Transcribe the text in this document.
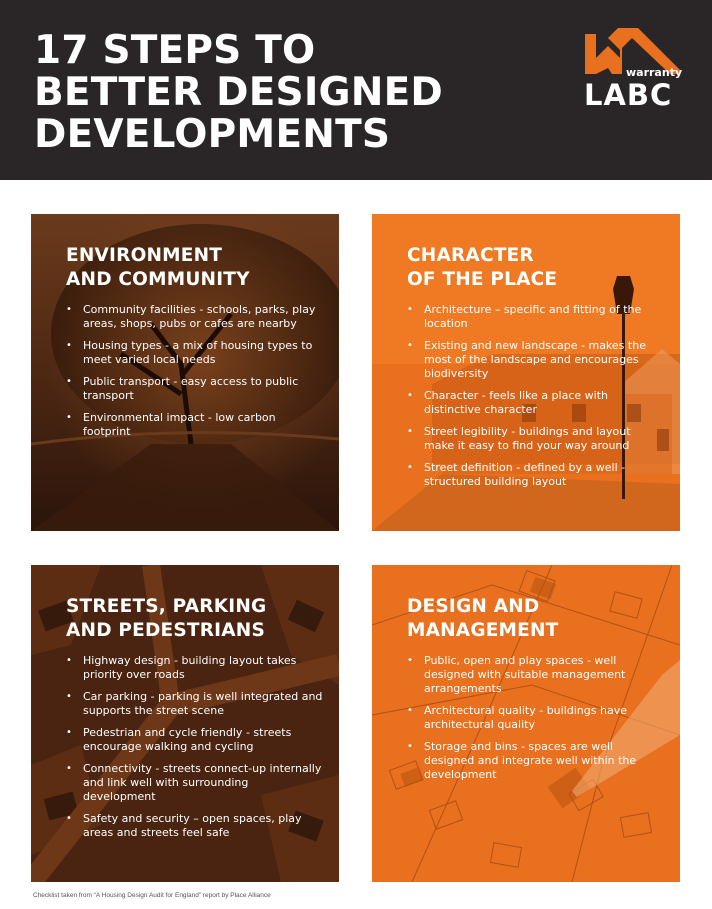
17 STEPS TO
BETTER DESIGNED
DEVELOPMENTS
warranty
LABC
ENVIRONMENT
AND COMMUNITY
• Community facilities - schools, parks, play areas, shops, pubs or cafes are nearby
• Housing types - a mix of housing types to meet varied local needs
• Public transport - easy access to public transport
• Environmental impact - low carbon footprint
CHARACTER
OF THE PLACE
• Architecture – specific and fitting of the location
• Existing and new landscape - makes the most of the landscape and encourages biodiversity
• Character - feels like a place with distinctive character
• Street legibility - buildings and layout make it easy to find your way around
• Street definition - defined by a well - structured building layout
STREETS, PARKING
AND PEDESTRIANS
• Highway design - building layout takes priority over roads
• Car parking - parking is well integrated and supports the street scene
• Pedestrian and cycle friendly - streets encourage walking and cycling
• Connectivity - streets connect-up internally and link well with surrounding development
• Safety and security – open spaces, play areas and streets feel safe
DESIGN AND
MANAGEMENT
• Public, open and play spaces - well designed with suitable management arrangements
• Architectural quality - buildings have architectural quality
• Storage and bins - spaces are well designed and integrate well within the development
Checklist taken from “A Housing Design Audit for England” report by Place Alliance
